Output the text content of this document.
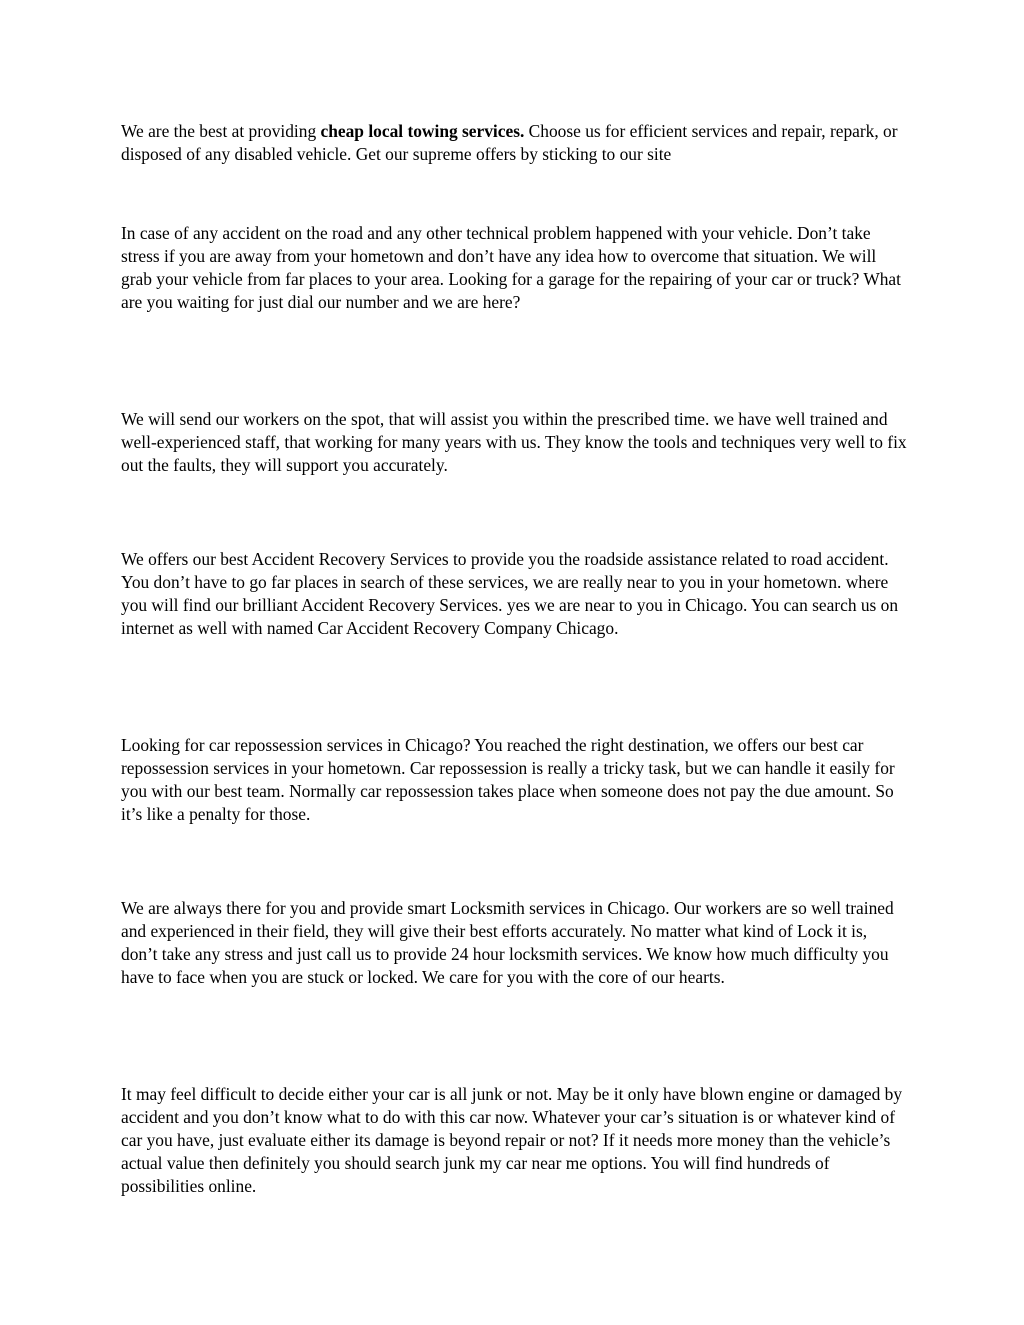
We are the best at providing cheap local towing services. Choose us for efficient services and repair, repark, or disposed of any disabled vehicle. Get our supreme offers by sticking to our site

In case of any accident on the road and any other technical problem happened with your vehicle. Don’t take stress if you are away from your hometown and don’t have any idea how to overcome that situation. We will grab your vehicle from far places to your area. Looking for a garage for the repairing of your car or truck? What are you waiting for just dial our number and we are here?

We will send our workers on the spot, that will assist you within the prescribed time. we have well trained and well-experienced staff, that working for many years with us. They know the tools and techniques very well to fix out the faults, they will support you accurately.

We offers our best Accident Recovery Services to provide you the roadside assistance related to road accident. You don’t have to go far places in search of these services, we are really near to you in your hometown. where you will find our brilliant Accident Recovery Services. yes we are near to you in Chicago. You can search us on internet as well with named Car Accident Recovery Company Chicago.

Looking for car repossession services in Chicago? You reached the right destination, we offers our best car repossession services in your hometown. Car repossession is really a tricky task, but we can handle it easily for you with our best team. Normally car repossession takes place when someone does not pay the due amount. So it’s like a penalty for those.

We are always there for you and provide smart Locksmith services in Chicago. Our workers are so well trained and experienced in their field, they will give their best efforts accurately. No matter what kind of Lock it is, don’t take any stress and just call us to provide 24 hour locksmith services. We know how much difficulty you have to face when you are stuck or locked. We care for you with the core of our hearts.

It may feel difficult to decide either your car is all junk or not. May be it only have blown engine or damaged by accident and you don’t know what to do with this car now. Whatever your car’s situation is or whatever kind of car you have, just evaluate either its damage is beyond repair or not? If it needs more money than the vehicle’s actual value then definitely you should search junk my car near me options. You will find hundreds of possibilities online.
